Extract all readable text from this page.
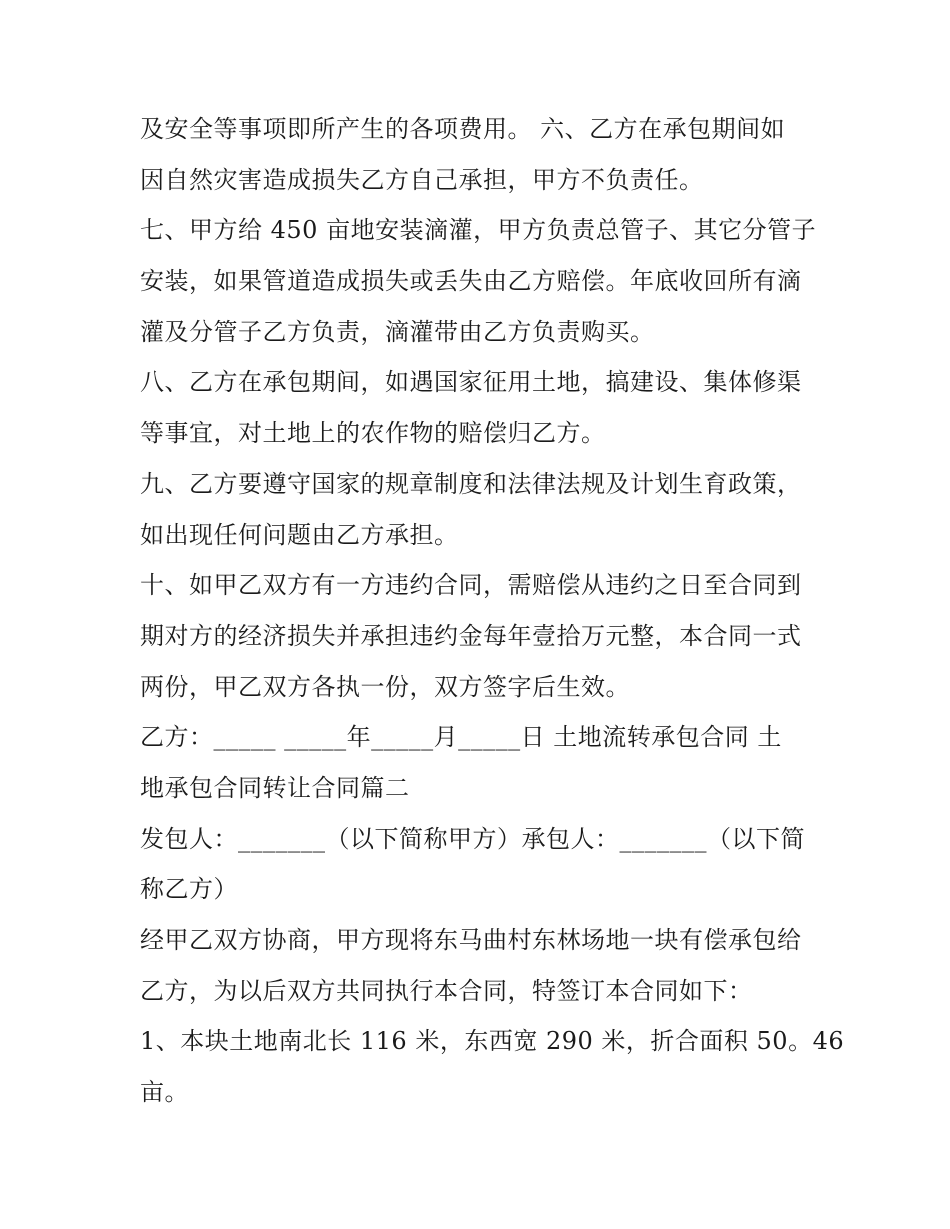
及安全等事项即所产生的各项费用。 六、乙方在承包期间如
因自然灾害造成损失乙方自己承担，甲方不负责任。
七、甲方给 450 亩地安装滴灌，甲方负责总管子、其它分管子
安装，如果管道造成损失或丢失由乙方赔偿。年底收回所有滴
灌及分管子乙方负责，滴灌带由乙方负责购买。
八、乙方在承包期间，如遇国家征用土地，搞建设、集体修渠
等事宜，对土地上的农作物的赔偿归乙方。
九、乙方要遵守国家的规章制度和法律法规及计划生育政策，
如出现任何问题由乙方承担。
十、如甲乙双方有一方违约合同，需赔偿从违约之日至合同到
期对方的经济损失并承担违约金每年壹拾万元整，本合同一式
两份，甲乙双方各执一份，双方签字后生效。
乙方：_____ _____年_____月_____日 土地流转承包合同 土
地承包合同转让合同篇二
发包人：_______（以下简称甲方）承包人：_______（以下简
称乙方）
经甲乙双方协商，甲方现将东马曲村东林场地一块有偿承包给
乙方，为以后双方共同执行本合同，特签订本合同如下：
1、本块土地南北长 116 米，东西宽 290 米，折合面积 50。46
亩。
